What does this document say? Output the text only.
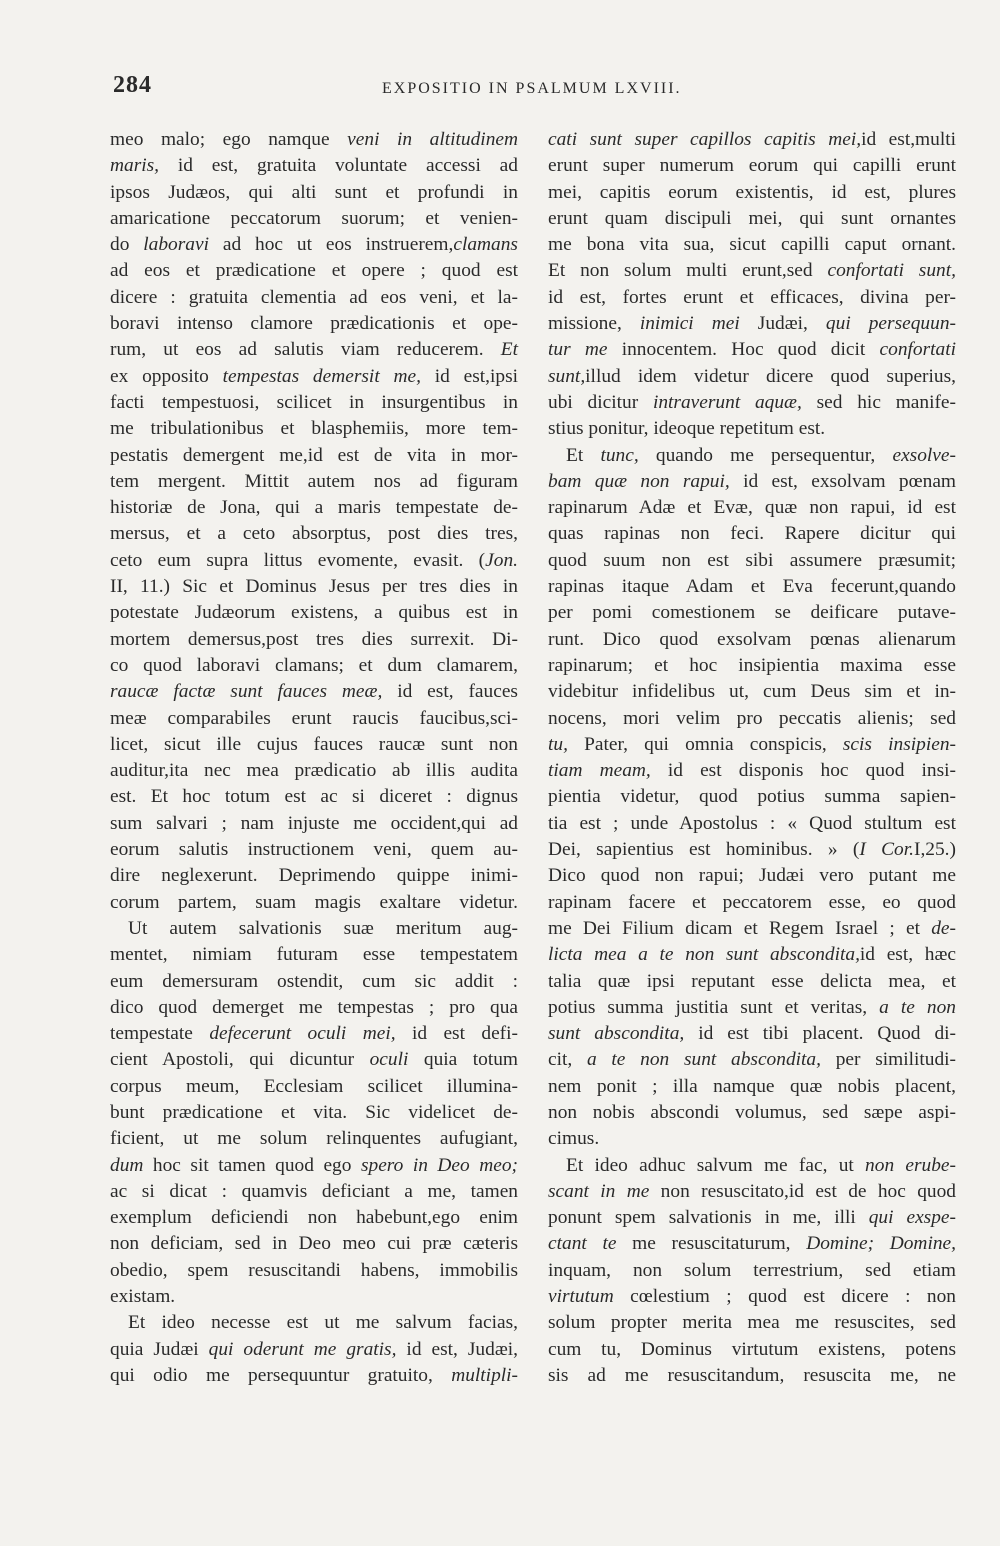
284	EXPOSITIO IN PSALMUM LXVIII.
meo malo; ego namque veni in altitudinem
maris, id est, gratuita voluntate accessi ad
ipsos Judæos, qui alti sunt et profundi in
amaricatione peccatorum suorum; et venien-
do laboravi ad hoc ut eos instruerem,clamans
ad eos et prædicatione et opere ; quod est
dicere : gratuita clementia ad eos veni, et la-
boravi intenso clamore prædicationis et ope-
rum, ut eos ad salutis viam reducerem. Et
ex opposito tempestas demersit me, id est,ipsi
facti tempestuosi, scilicet in insurgentibus in
me tribulationibus et blasphemiis, more tem-
pestatis demergent me,id est de vita in mor-
tem mergent. Mittit autem nos ad figuram
historiæ de Jona, qui a maris tempestate de-
mersus, et a ceto absorptus, post dies tres,
ceto eum supra littus evomente, evasit. (Jon.
II, 11.) Sic et Dominus Jesus per tres dies in
potestate Judæorum existens, a quibus est in
mortem demersus,post tres dies surrexit. Di-
co quod laboravi clamans; et dum clamarem,
raucæ factæ sunt fauces meæ, id est, fauces
meæ comparabiles erunt raucis faucibus,sci-
licet, sicut ille cujus fauces raucæ sunt non
auditur,ita nec mea prædicatio ab illis audita
est. Et hoc totum est ac si diceret : dignus
sum salvari ; nam injuste me occident,qui ad
eorum salutis instructionem veni, quem au-
dire neglexerunt. Deprimendo quippe inimi-
corum partem, suam magis exaltare videtur.
Ut autem salvationis suæ meritum aug-
mentet, nimiam futuram esse tempestatem
eum demersuram ostendit, cum sic addit :
dico quod demerget me tempestas ; pro qua
tempestate defecerunt oculi mei, id est defi-
cient Apostoli, qui dicuntur oculi quia totum
corpus meum, Ecclesiam scilicet illumina-
bunt prædicatione et vita. Sic videlicet de-
ficient, ut me solum relinquentes aufugiant,
dum hoc sit tamen quod ego spero in Deo meo;
ac si dicat : quamvis deficiant a me, tamen
exemplum deficiendi non habebunt,ego enim
non deficiam, sed in Deo meo cui præ cæteris
obedio, spem resuscitandi habens, immobilis
existam.
Et ideo necesse est ut me salvum facias,
quia Judæi qui oderunt me gratis, id est, Judæi,
qui odio me persequuntur gratuito, multipli-
cati sunt super capillos capitis mei,id est,multi
erunt super numerum eorum qui capilli erunt
mei, capitis eorum existentis, id est, plures
erunt quam discipuli mei, qui sunt ornantes
me bona vita sua, sicut capilli caput ornant.
Et non solum multi erunt,sed confortati sunt,
id est, fortes erunt et efficaces, divina per-
missione, inimici mei Judæi, qui persequun-
tur me innocentem. Hoc quod dicit confortati
sunt,illud idem videtur dicere quod superius,
ubi dicitur intraverunt aquæ, sed hic manife-
stius ponitur, ideoque repetitum est.
Et tunc, quando me persequentur, exsolve-
bam quæ non rapui, id est, exsolvam pœnam
rapinarum Adæ et Evæ, quæ non rapui, id est
quas rapinas non feci. Rapere dicitur qui
quod suum non est sibi assumere præsumit;
rapinas itaque Adam et Eva fecerunt,quando
per pomi comestionem se deificare putave-
runt. Dico quod exsolvam pœnas alienarum
rapinarum; et hoc insipientia maxima esse
videbitur infidelibus ut, cum Deus sim et in-
nocens, mori velim pro peccatis alienis; sed
tu, Pater, qui omnia conspicis, scis insipien-
tiam meam, id est disponis hoc quod insi-
pientia videtur, quod potius summa sapien-
tia est ; unde Apostolus : « Quod stultum est
Dei, sapientius est hominibus. » (I Cor.I,25.)
Dico quod non rapui; Judæi vero putant me
rapinam facere et peccatorem esse, eo quod
me Dei Filium dicam et Regem Israel ; et de-
licta mea a te non sunt abscondita,id est, hæc
talia quæ ipsi reputant esse delicta mea, et
potius summa justitia sunt et veritas, a te non
sunt abscondita, id est tibi placent. Quod di-
cit, a te non sunt abscondita, per similitudi-
nem ponit ; illa namque quæ nobis placent,
non nobis abscondi volumus, sed sæpe aspi-
cimus.
Et ideo adhuc salvum me fac, ut non erube-
scant in me non resuscitato,id est de hoc quod
ponunt spem salvationis in me, illi qui exspe-
ctant te me resuscitaturum, Domine; Domine,
inquam, non solum terrestrium, sed etiam
virtutum cœlestium ; quod est dicere : non
solum propter merita mea me resuscites, sed
cum tu, Dominus virtutum existens, potens
sis ad me resuscitandum, resuscita me, ne
